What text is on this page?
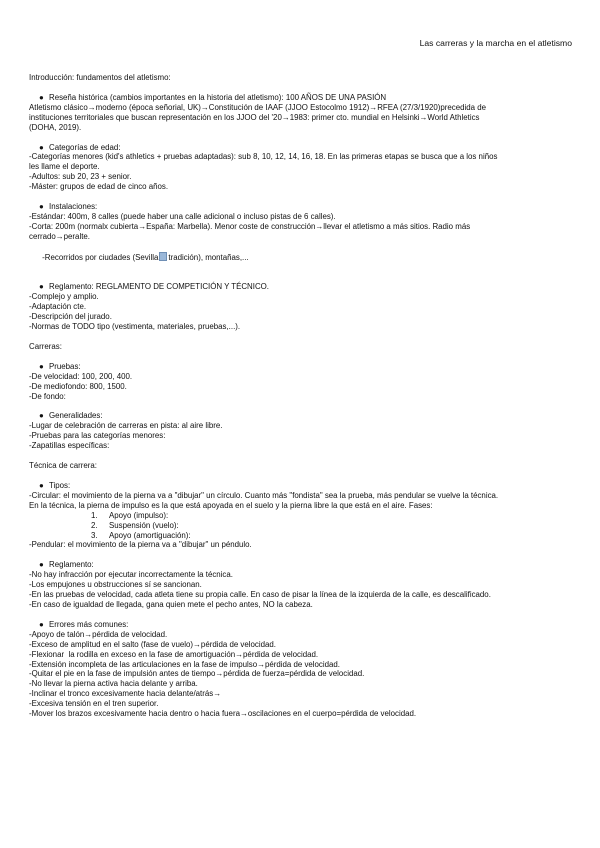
Las carreras y la marcha en el atletismo
Introducción: fundamentos del atletismo:
● Reseña histórica (cambios importantes en la historia del atletismo): 100 AÑOS DE UNA PASIÓN
Atletismo clásico→moderno (época señorial, UK)→Constitución de IAAF (JJOO Estocolmo 1912)→RFEA (27/3/1920)precedida de
instituciones territoriales que buscan representación en los JJOO del '20→1983: primer cto. mundial en Helsinki→World Athletics
(DOHA, 2019).
● Categorías de edad:
-Categorías menores (kid's athletics + pruebas adaptadas): sub 8, 10, 12, 14, 16, 18. En las primeras etapas se busca que a los niños
les llame el deporte.
-Adultos: sub 20, 23 + senior.
-Máster: grupos de edad de cinco años.
● Instalaciones:
-Estándar: 400m, 8 calles (puede haber una calle adicional o incluso pistas de 6 calles).
-Corta: 200m (normalx cubierta→España: Marbella). Menor coste de construcción→llevar el atletismo a más sitios. Radio más
cerrado→peralte.

-Recorridos por ciudades (Sevilla tradición), montañas,...

● Reglamento: REGLAMENTO DE COMPETICIÓN Y TÉCNICO.
-Complejo y amplio.
-Adaptación cte.
-Descripción del jurado.
-Normas de TODO tipo (vestimenta, materiales, pruebas,...).
Carreras:
● Pruebas:
-De velocidad: 100, 200, 400.
-De mediofondo: 800, 1500.
-De fondo:
● Generalidades:
-Lugar de celebración de carreras en pista: al aire libre.
-Pruebas para las categorías menores:
-Zapatillas específicas:
Técnica de carrera:
● Tipos:
-Circular: el movimiento de la pierna va a "dibujar" un círculo. Cuanto más "fondista" sea la prueba, más pendular se vuelve la técnica.
En la técnica, la pierna de impulso es la que está apoyada en el suelo y la pierna libre la que está en el aire. Fases:
1. Apoyo (impulso):
2. Suspensión (vuelo):
3. Apoyo (amortiguación):
-Pendular: el movimiento de la pierna va a "dibujar" un péndulo.
● Reglamento:
-No hay infracción por ejecutar incorrectamente la técnica.
-Los empujones u obstrucciones sí se sancionan.
-En las pruebas de velocidad, cada atleta tiene su propia calle. En caso de pisar la línea de la izquierda de la calle, es descalificado.
-En caso de igualdad de llegada, gana quien mete el pecho antes, NO la cabeza.
● Errores más comunes:
-Apoyo de talón→pérdida de velocidad.
-Exceso de amplitud en el salto (fase de vuelo)→pérdida de velocidad.
-Flexionar  la rodilla en exceso en la fase de amortiguación→pérdida de velocidad.
-Extensión incompleta de las articulaciones en la fase de impulso→pérdida de velocidad.
-Quitar el pie en la fase de impulsión antes de tiempo→pérdida de fuerza=pérdida de velocidad.
-No llevar la pierna activa hacia delante y arriba.
-Inclinar el tronco excesivamente hacia delante/atrás→
-Excesiva tensión en el tren superior.
-Mover los brazos excesivamente hacia dentro o hacia fuera→oscilaciones en el cuerpo=pérdida de velocidad.
